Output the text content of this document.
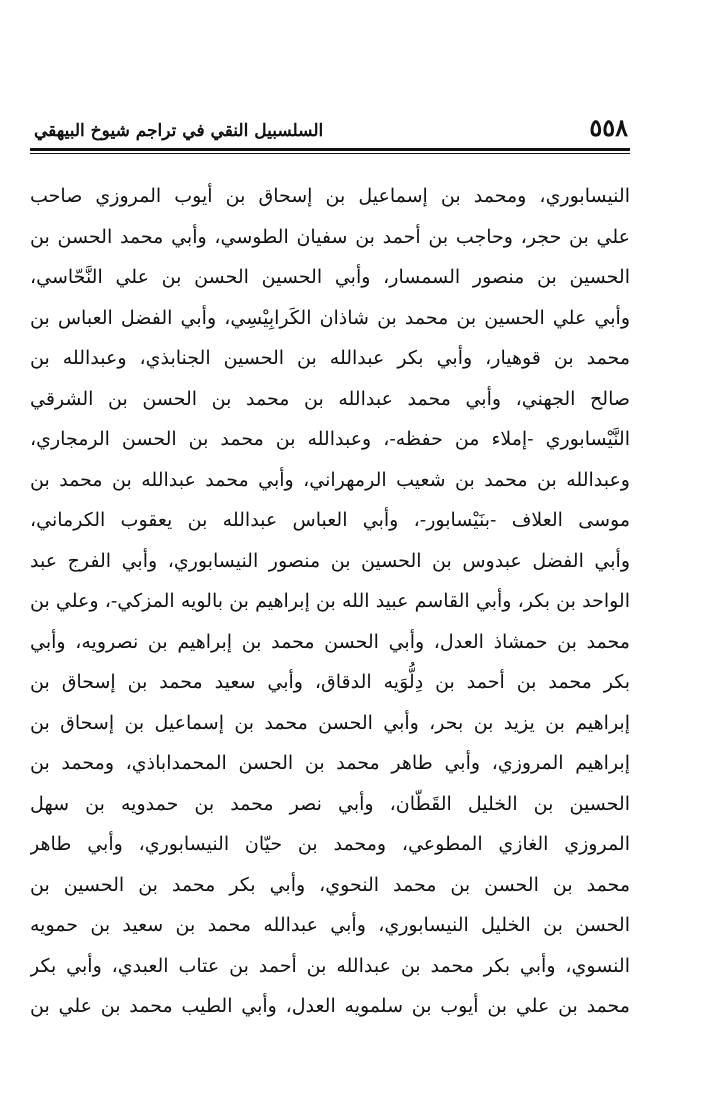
٥٥٨
السلسبيل النقي في تراجم شيوخ البيهقي
النيسابوري، ومحمد بن إسماعيل بن إسحاق بن أيوب المروزي صاحب
علي بن حجر، وحاجب بن أحمد بن سفيان الطوسي، وأبي محمد الحسن بن
الحسين بن منصور السمسار، وأبي الحسين الحسن بن علي النَّحّاسي،
وأبي علي الحسين بن محمد بن شاذان الكَرابِيْسِي، وأبي الفضل العباس بن
محمد بن قوهيار، وأبي بكر عبدالله بن الحسين الجنابذي، وعبدالله بن
صالح الجهني، وأبي محمد عبدالله بن محمد بن الحسن بن الشرقي
النَّيْسابوري -إملاء من حفظه-، وعبدالله بن محمد بن الحسن الرمجاري،
وعبدالله بن محمد بن شعيب الرمهراني، وأبي محمد عبدالله بن محمد بن
موسى العلاف -بنَيْسابور-، وأبي العباس عبدالله بن يعقوب الكرماني،
وأبي الفضل عبدوس بن الحسين بن منصور النيسابوري، وأبي الفرج عبد
الواحد بن بكر، وأبي القاسم عبيد الله بن إبراهيم بن بالويه المزكي-، وعلي بن
محمد بن حمشاذ العدل، وأبي الحسن محمد بن إبراهيم بن نصرويه، وأبي
بكر محمد بن أحمد بن دِلُّوَيه الدقاق، وأبي سعيد محمد بن إسحاق بن
إبراهيم بن يزيد بن بحر، وأبي الحسن محمد بن إسماعيل بن إسحاق بن
إبراهيم المروزي، وأبي طاهر محمد بن الحسن المحمداباذي، ومحمد بن
الحسين بن الخليل القَطّان، وأبي نصر محمد بن حمدويه بن سهل
المروزي الغازي المطوعي، ومحمد بن حيّان النيسابوري، وأبي طاهر
محمد بن الحسن بن محمد النحوي، وأبي بكر محمد بن الحسين بن
الحسن بن الخليل النيسابوري، وأبي عبدالله محمد بن سعيد بن حمويه
النسوي، وأبي بكر محمد بن عبدالله بن أحمد بن عتاب العبدي، وأبي بكر
محمد بن علي بن أيوب بن سلمويه العدل، وأبي الطيب محمد بن علي بن
